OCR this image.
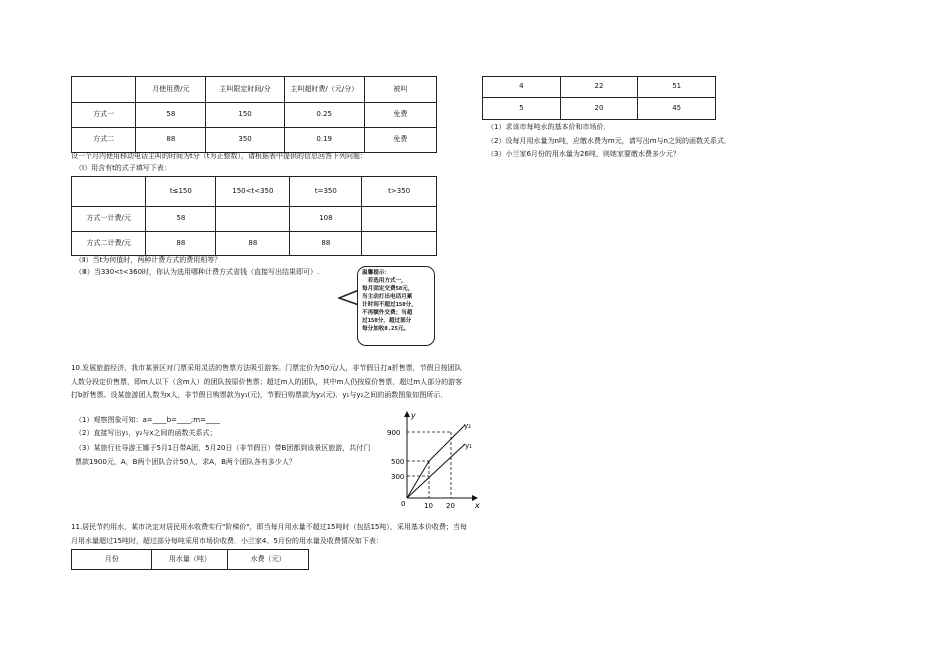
	月使用费/元	主叫限定时间/分	主叫超时费/（元/分）	被叫
方式一	58	150	0.25	免费
方式二	88	350	0.19	免费
设一个月内使用移动电话主叫的时间为t分（t为正整数），请根据表中提供的信息回答下列问题：
（Ⅰ）用含有t的式子填写下表：
	t≤150	150<t<350	t=350	t>350
方式一计费/元	58		108	
方式二计费/元	88	88	88	
（Ⅱ）当t为何值时，两种计费方式的费用相等？
（Ⅲ）当330<t<360时，你认为选用哪种计费方式省钱（直接写出结果即可）.	温馨提示：
　若选用方式一，
每月固定交费58元，
当主动打出电话月累
计时间不超过150分，
不再额外交费；当超
过150分，超过部分
每分加收0.25元。
10.发展旅游经济，我市某景区对门票采用灵活的售票方法吸引游客。门票定价为50元/人，非节假日打a折售票，节假日按团队人数分段定价售票，即m人以下（含m人）的团队按原价售票；超过m人的团队，其中m人仍按原价售票，超过m人部分的游客打b折售票。设某旅游团人数为x人，非节假日购票款为y₁(元)，节假日购票款为y₂(元)．y₁与y₂之间的函数图象如图所示．
（1）观察图象可知：a=____b=____;m=____
（2）直接写出y₁，y₂与x之间的函数关系式；
（3）某旅行社导游王娜于5月1日带A团，5月20日（非节假日）带B团都到该景区旅游，共付门票款1900元，A，B两个团队合计50人，求A，B两个团队各有多少人？
y
x
0
900
500
300
10 20
y₂
y₁
11.居民节约用水，某市决定对居民用水收费实行"阶梯价"，即当每月用水量不超过15吨时（包括15吨），采用基本价收费；当每月用水量超过15吨时，超过部分每吨采用市场价收费．小兰家4、5月份的用水量及收费情况如下表：
月份	用水量（吨）	水费（元）
4	22	51
5	20	45
（1）求该市每吨水的基本价和市场价．
（2）设每月用水量为n吨，应缴水费为m元，请写出m与n之间的函数关系式．
（3）小兰家6月份的用水量为26吨，则她家要缴水费多少元？
